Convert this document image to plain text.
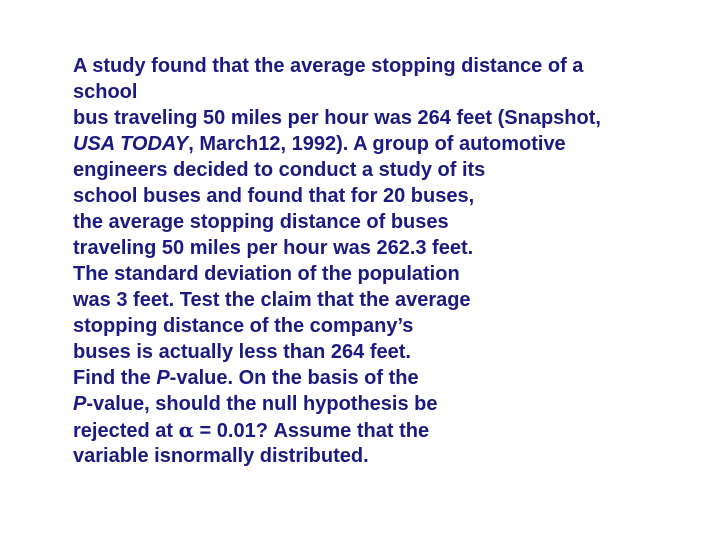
A study found that the average stopping distance of a
school
bus traveling 50 miles per hour was 264 feet (Snapshot,
USA TODAY, March12, 1992). A group of automotive
engineers decided to conduct a study of its
school buses and found that for 20 buses,
the average stopping distance of buses
traveling 50 miles per hour was 262.3 feet.
The standard deviation of the population
was 3 feet. Test the claim that the average
stopping distance of the company’s
buses is actually less than 264 feet.
Find the P-value. On the basis of the
P-value, should the null hypothesis be
rejected at α = 0.01? Assume that the
variable isnormally distributed.
